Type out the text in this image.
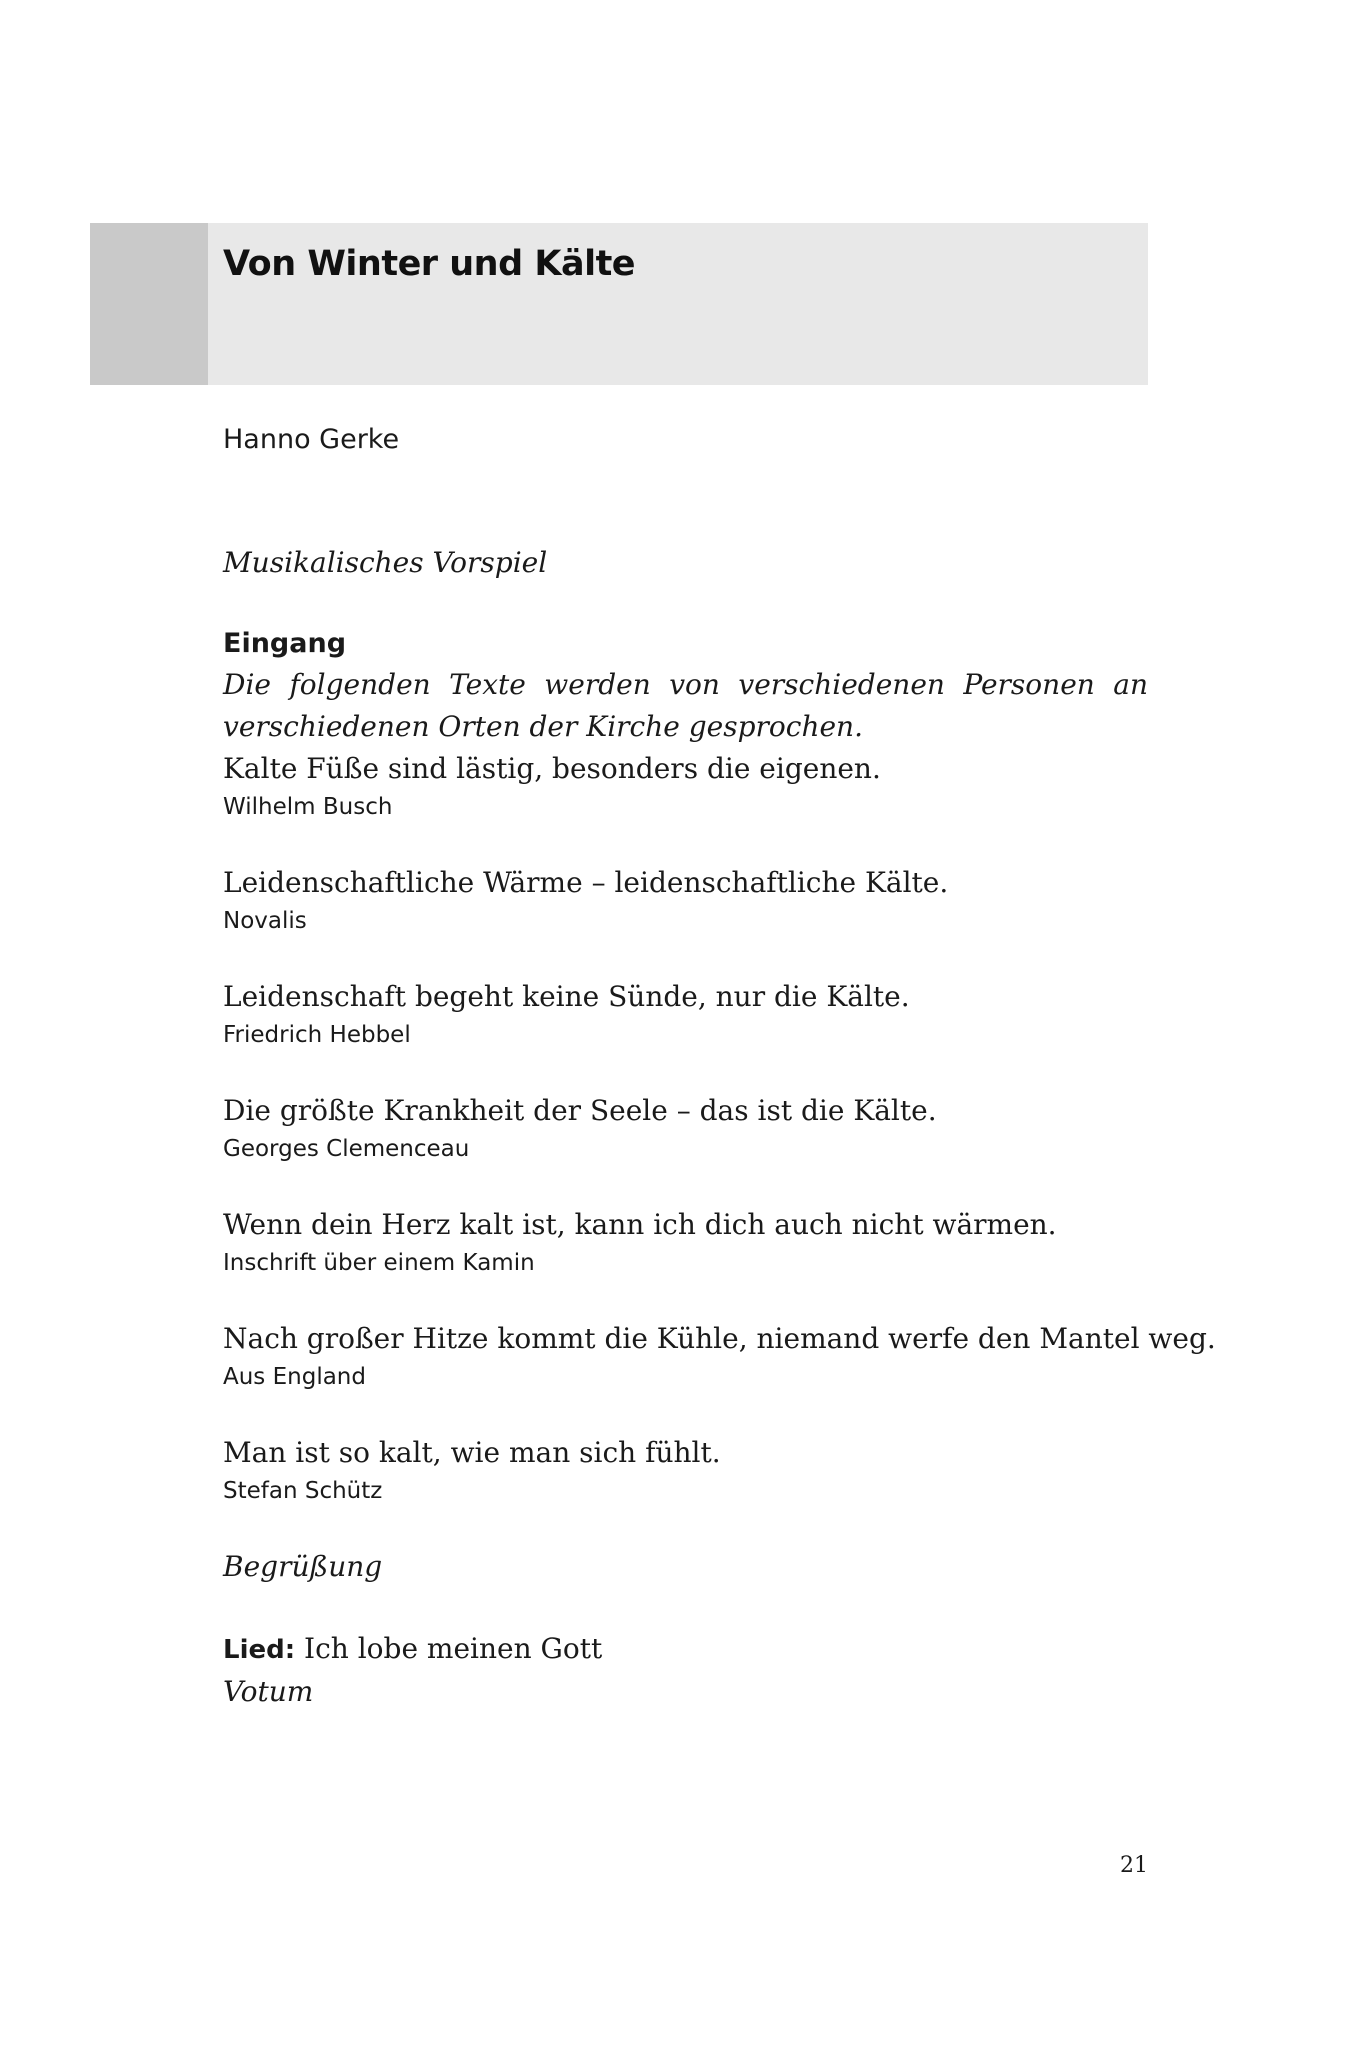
Von Winter und Kälte

Hanno Gerke

Musikalisches Vorspiel

Eingang

Die folgenden Texte werden von verschiedenen Personen an verschiedenen Orten der Kirche gesprochen.

Kalte Füße sind lästig, besonders die eigenen.

Wilhelm Busch

Leidenschaftliche Wärme – leidenschaftliche Kälte.

Novalis

Leidenschaft begeht keine Sünde, nur die Kälte.

Friedrich Hebbel

Die größte Krankheit der Seele – das ist die Kälte.

Georges Clemenceau

Wenn dein Herz kalt ist, kann ich dich auch nicht wärmen.

Inschrift über einem Kamin

Nach großer Hitze kommt die Kühle, niemand werfe den Mantel weg.

Aus England

Man ist so kalt, wie man sich fühlt.

Stefan Schütz

Begrüßung

Lied: Ich lobe meinen Gott

Votum

21
